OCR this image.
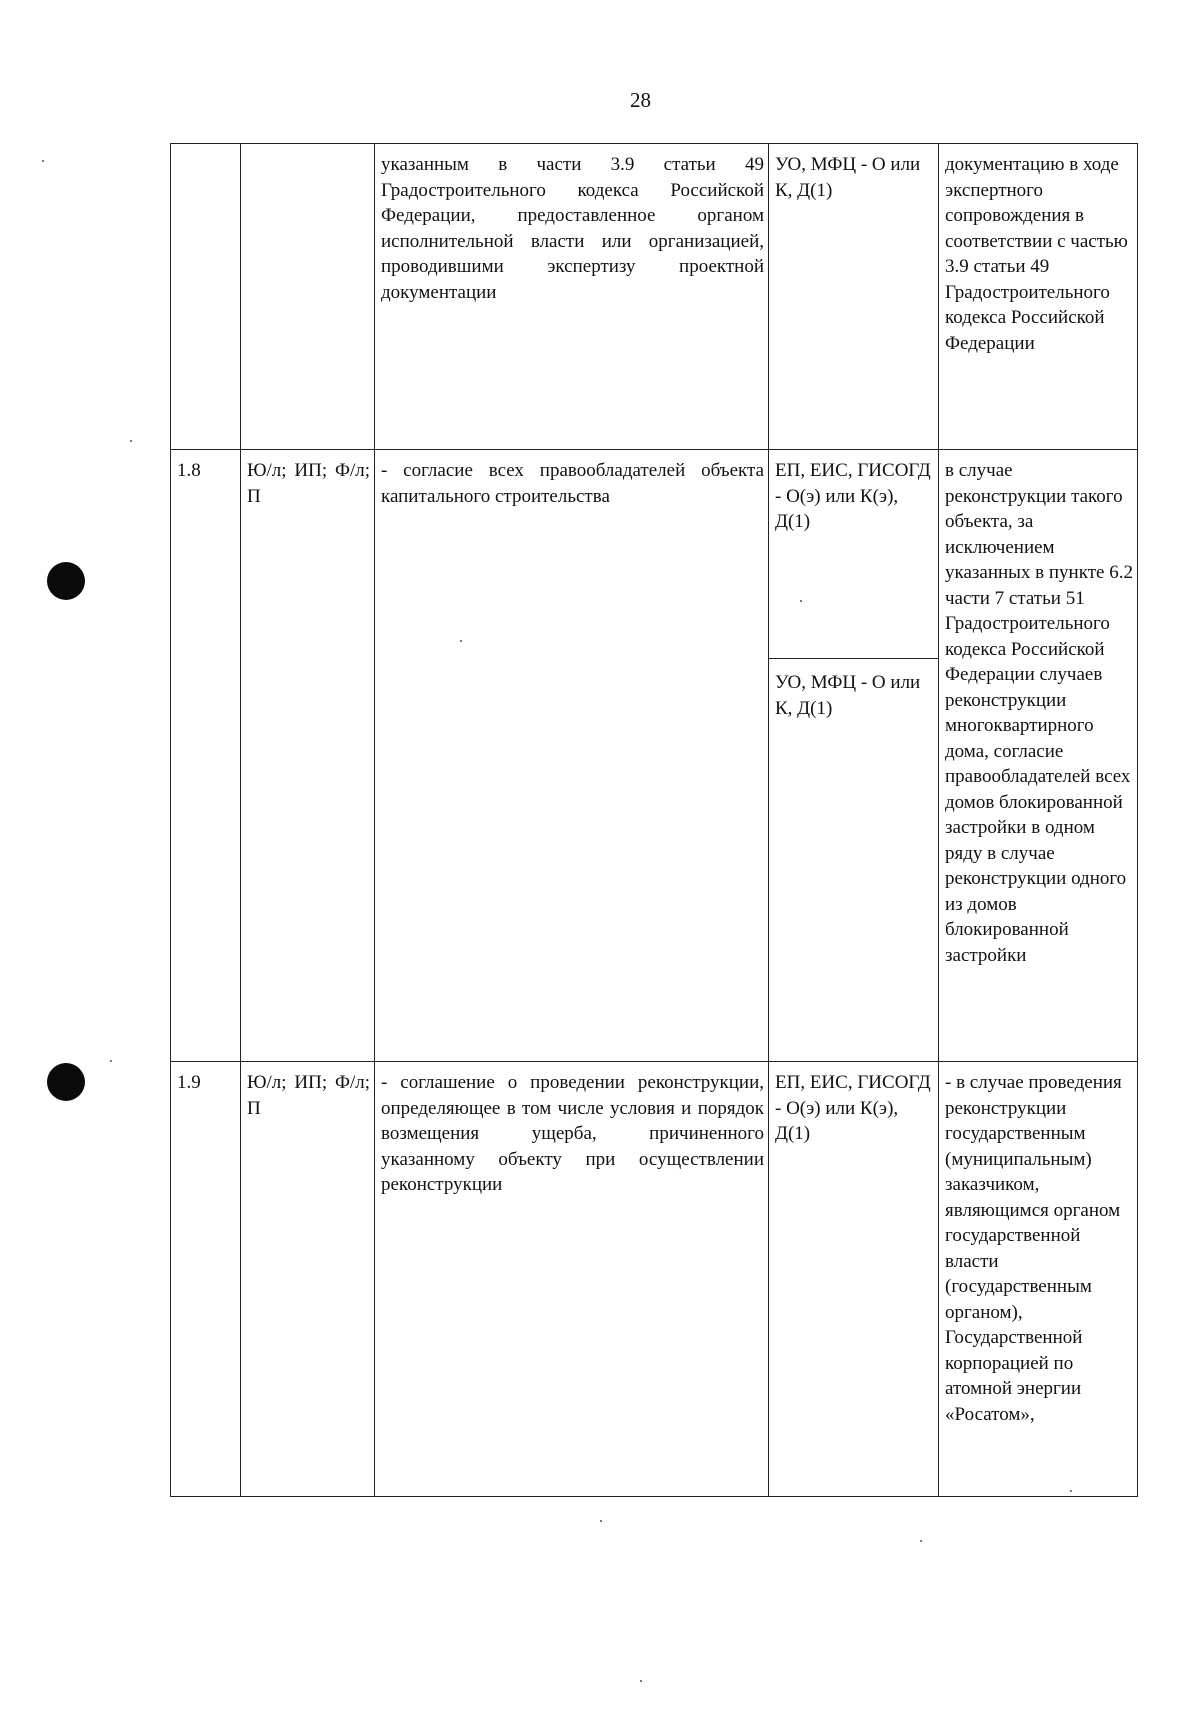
28
		указанным в части 3.9 статьи 49 Градостроительного кодекса Российской Федерации, предоставленное органом исполнительной власти или организацией, проводившими экспертизу проектной документации	УО, МФЦ - О или К, Д(1)	документацию в ходе экспертного сопровождения в соответствии с частью 3.9 статьи 49 Градостроительного кодекса Российской Федерации
1.8	Ю/л; ИП; Ф/л; П	- согласие всех правообладателей объекта капитального строительства	ЕП, ЕИС, ГИСОГД - О(э) или К(э), Д(1)
УО, МФЦ - О или К, Д(1)	в случае реконструкции такого объекта, за исключением указанных в пункте 6.2 части 7 статьи 51 Градостроительного кодекса Российской Федерации случаев реконструкции многоквартирного дома, согласие правообладателей всех домов блокированной застройки в одном ряду в случае реконструкции одного из домов блокированной застройки
1.9	Ю/л; ИП; Ф/л; П	- соглашение о проведении реконструкции, определяющее в том числе условия и порядок возмещения ущерба, причиненного указанному объекту при осуществлении реконструкции	ЕП, ЕИС, ГИСОГД - О(э) или К(э), Д(1)	- в случае проведения реконструкции государственным (муниципальным) заказчиком, являющимся органом государственной власти (государственным органом), Государственной корпорацией по атомной энергии «Росатом»,
